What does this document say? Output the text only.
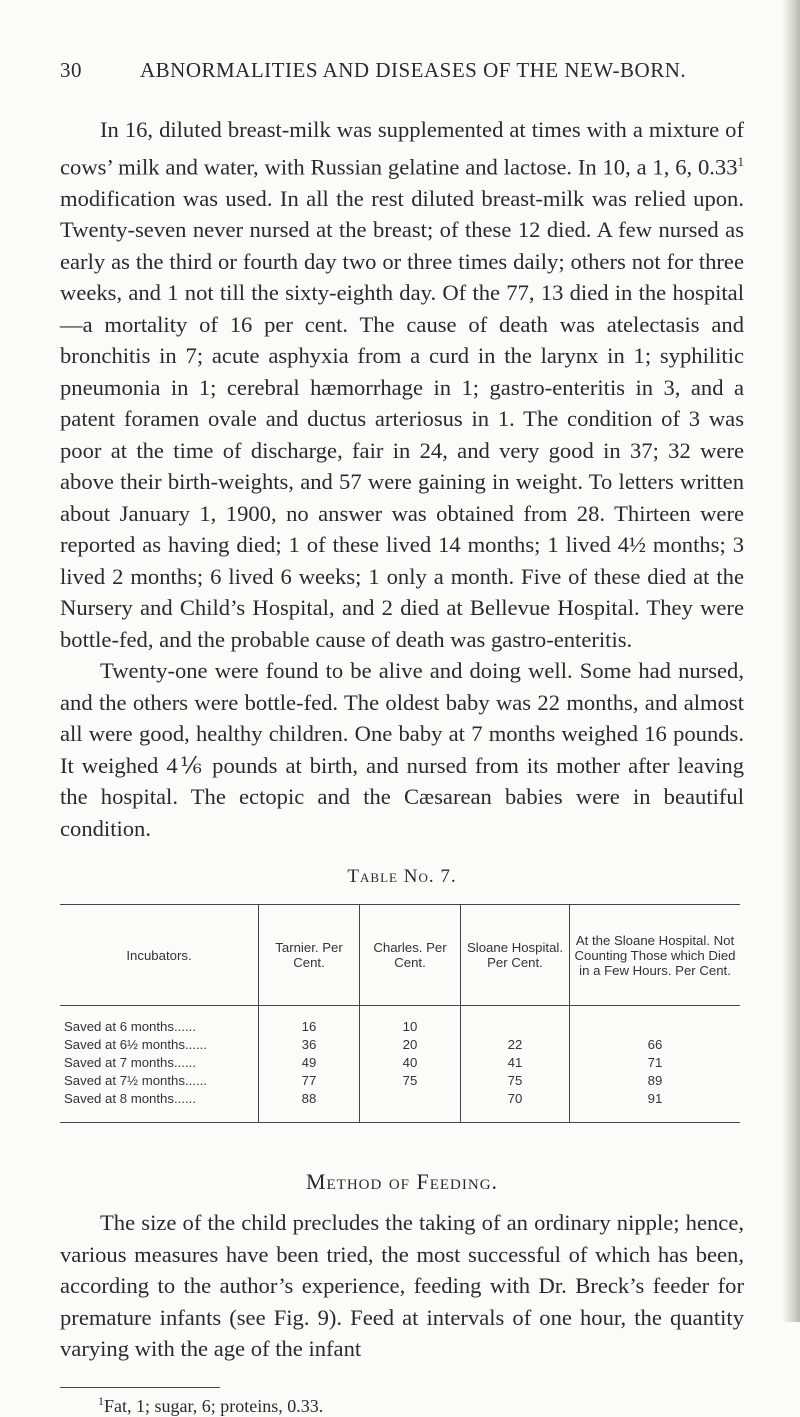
30	ABNORMALITIES AND DISEASES OF THE NEW-BORN.

In 16, diluted breast-milk was supplemented at times with a mixture of cows’ milk and water, with Russian gelatine and lactose. In 10, a 1, 6, 0.33$^1$ modification was used. In all the rest diluted breast-milk was relied upon. Twenty-seven never nursed at the breast; of these 12 died. A few nursed as early as the third or fourth day two or three times daily; others not for three weeks, and 1 not till the sixty-eighth day. Of the 77, 13 died in the hospital—a mortality of 16 per cent. The cause of death was atelectasis and bronchitis in 7; acute asphyxia from a curd in the larynx in 1; syphilitic pneumonia in 1; cerebral hæmorrhage in 1; gastro-enteritis in 3, and a patent foramen ovale and ductus arteriosus in 1. The condition of 3 was poor at the time of discharge, fair in 24, and very good in 37; 32 were above their birth-weights, and 57 were gaining in weight. To letters written about January 1, 1900, no answer was obtained from 28. Thirteen were reported as having died; 1 of these lived 14 months; 1 lived 4½ months; 3 lived 2 months; 6 lived 6 weeks; 1 only a month. Five of these died at the Nursery and Child’s Hospital, and 2 died at Bellevue Hospital. They were bottle-fed, and the probable cause of death was gastro-enteritis.

Twenty-one were found to be alive and doing well. Some had nursed, and the others were bottle-fed. The oldest baby was 22 months, and almost all were good, healthy children. One baby at 7 months weighed 16 pounds. It weighed 4⅙ pounds at birth, and nursed from its mother after leaving the hospital. The ectopic and the Cæsarean babies were in beautiful condition.

Table No. 7.
Incubators.	Tarnier. Per Cent.	Charles. Per Cent.	Sloane Hospital. Per Cent.	At the Sloane Hospital. Not Counting Those which Died in a Few Hours. Per Cent.
Saved at 6 months......	16	10		
Saved at 6½ months......	36	20	22	66
Saved at 7 months......	49	40	41	71
Saved at 7½ months......	77	75	75	89
Saved at 8 months......	88		70	91
Method of Feeding.

The size of the child precludes the taking of an ordinary nipple; hence, various measures have been tried, the most successful of which has been, according to the author’s experience, feeding with Dr. Breck’s feeder for premature infants (see Fig. 9). Feed at intervals of one hour, the quantity varying with the age of the infant

$^1$Fat, 1; sugar, 6; proteins, 0.33.
